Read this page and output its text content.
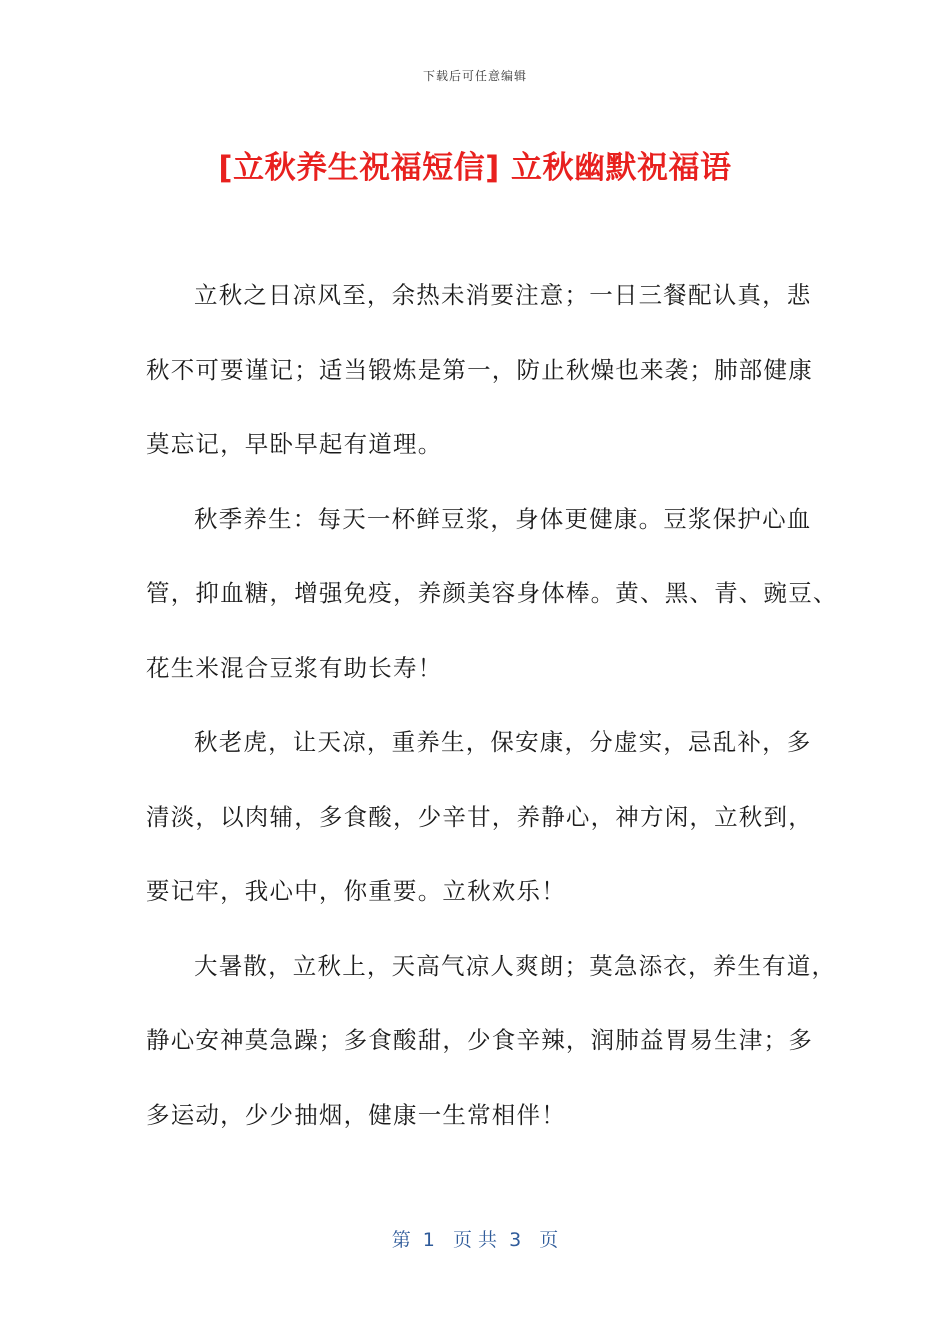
下载后可任意编辑
[立秋养生祝福短信] 立秋幽默祝福语

立秋之日凉风至，余热未消要注意；一日三餐配认真，悲
秋不可要谨记；适当锻炼是第一，防止秋燥也来袭；肺部健康
莫忘记，早卧早起有道理。

秋季养生：每天一杯鲜豆浆，身体更健康。豆浆保护心血
管，抑血糖，增强免疫，养颜美容身体棒。黄、黑、青、豌豆、
花生米混合豆浆有助长寿！

秋老虎，让天凉，重养生，保安康，分虚实，忌乱补，多
清淡，以肉辅，多食酸，少辛甘，养静心，神方闲，立秋到，
要记牢，我心中，你重要。立秋欢乐！

大暑散，立秋上，天高气凉人爽朗；莫急添衣，养生有道，
静心安神莫急躁；多食酸甜，少食辛辣，润肺益胃易生津；多
多运动，少少抽烟，健康一生常相伴！

第  1   页 共  3   页
